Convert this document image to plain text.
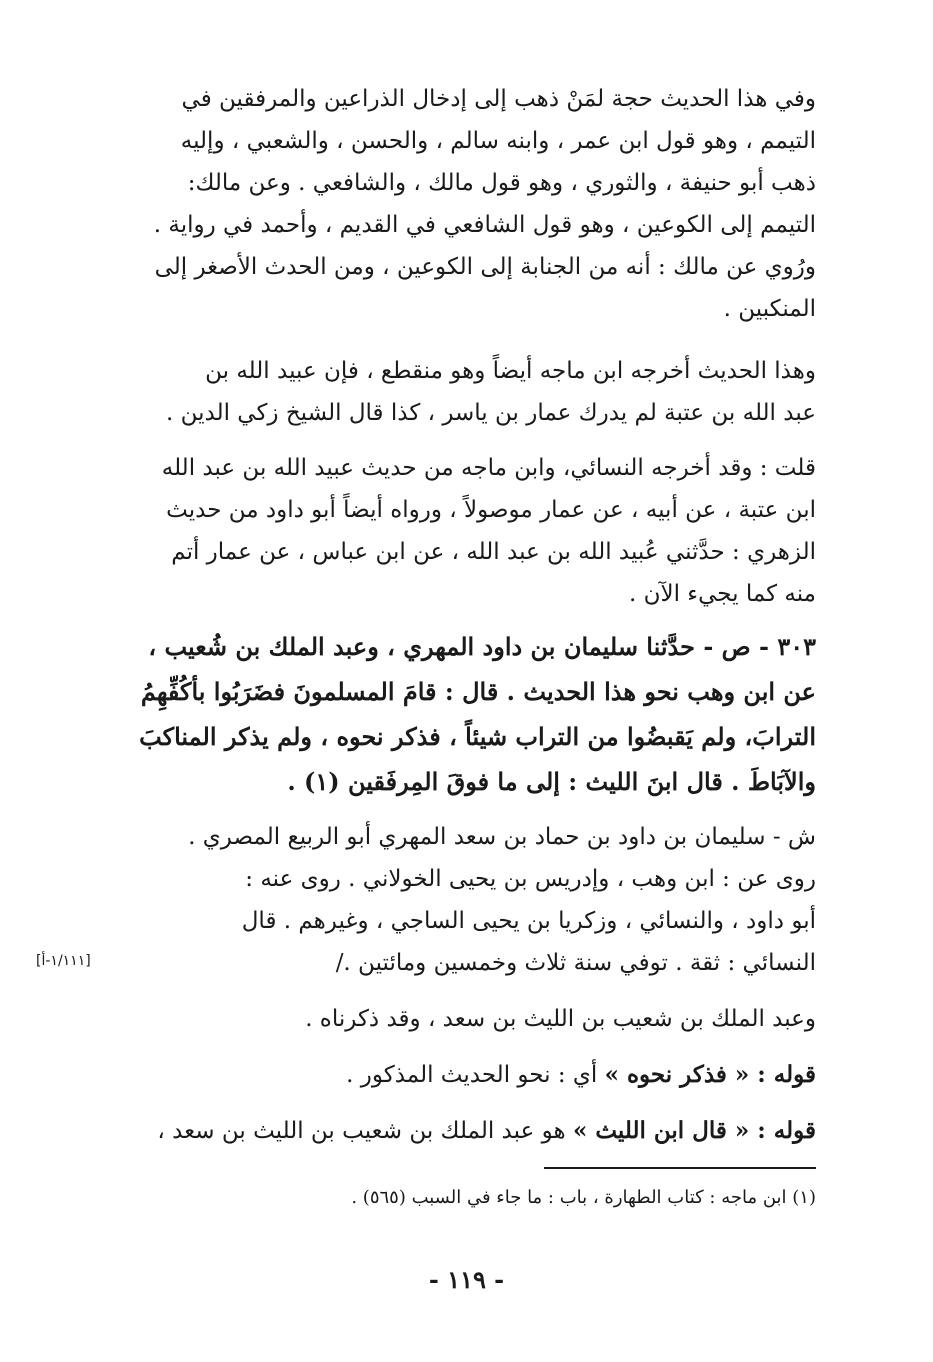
وفي هذا الحديث حجة لمَنْ ذهب إلى إدخال الذراعين والمرفقين في
التيمم ، وهو قول ابن عمر ، وابنه سالم ، والحسن ، والشعبي ، وإليه
ذهب أبو حنيفة ، والثوري ، وهو قول مالك ، والشافعي . وعن مالك:
التيمم إلى الكوعين ، وهو قول الشافعي في القديم ، وأحمد في رواية .
ورُوي عن مالك : أنه من الجنابة إلى الكوعين ، ومن الحدث الأصغر إلى
المنكبين .

وهذا الحديث أخرجه ابن ماجه أيضاً وهو منقطع ، فإن عبيد الله بن
عبد الله بن عتبة لم يدرك عمار بن ياسر ، كذا قال الشيخ زكي الدين .

قلت : وقد أخرجه النسائي، وابن ماجه من حديث عبيد الله بن عبد الله
ابن عتبة ، عن أبيه ، عن عمار موصولاً ، ورواه أيضاً أبو داود من حديث
الزهري : حدَّثني عُبيد الله بن عبد الله ، عن ابن عباس ، عن عمار أتم
منه كما يجيء الآن .

٣٠٣ - ص - حدَّثنا سليمان بن داود المهري ، وعبد الملك بن شُعيب ،
عن ابن وهب نحو هذا الحديث . قال : قامَ المسلمونَ فضَرَبُوا بأكُفِّهِمُ
الترابَ، ولم يَقبضُوا من التراب شيئاً ، فذكر نحوه ، ولم يذكر المناكبَ
والآبَاطَ . قال ابنَ الليث : إلى ما فوقَ المِرفَقين (١) .

ش - سليمان بن داود بن حماد بن سعد المهري أبو الربيع المصري .
روى عن : ابن وهب ، وإدريس بن يحيى الخولاني . روى عنه :
أبو داود ، والنسائي ، وزكريا بن يحيى الساجي ، وغيرهم . قال
النسائي : ثقة . توفي سنة ثلاث وخمسين ومائتين ./

[١/١١١-أ]

وعبد الملك بن شعيب بن الليث بن سعد ، وقد ذكرناه .

قوله : « فذكر نحوه » أي : نحو الحديث المذكور .

قوله : « قال ابن الليث » هو عبد الملك بن شعيب بن الليث بن سعد ،

(١) ابن ماجه : كتاب الطهارة ، باب : ما جاء في السبب (٥٦٥) .

- ١١٩ -
